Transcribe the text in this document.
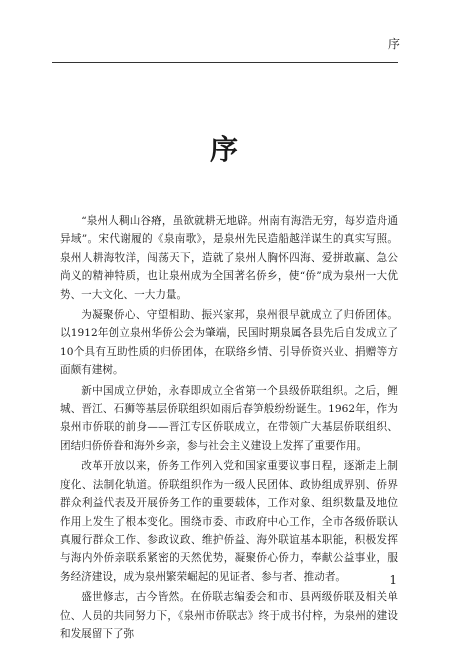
序
序

“泉州人稠山谷瘠，虽欲就耕无地辟。州南有海浩无穷，每岁造舟通异域”。宋代谢履的《泉南歌》，是泉州先民造船越洋谋生的真实写照。泉州人耕海牧洋，闯荡天下，造就了泉州人胸怀四海、爱拼敢赢、急公尚义的精神特质，也让泉州成为全国著名侨乡，使“侨”成为泉州一大优势、一大文化、一大力量。

为凝聚侨心、守望相助、振兴家邦，泉州很早就成立了归侨团体。以1912年创立泉州华侨公会为肇端，民国时期泉属各县先后自发成立了10个具有互助性质的归侨团体，在联络乡情、引导侨资兴业、捐赠等方面颇有建树。

新中国成立伊始，永春即成立全省第一个县级侨联组织。之后，鲤城、晋江、石狮等基层侨联组织如雨后春笋般纷纷诞生。1962年，作为泉州市侨联的前身——晋江专区侨联成立，在带领广大基层侨联组织、团结归侨侨眷和海外乡亲，参与社会主义建设上发挥了重要作用。

改革开放以来，侨务工作列入党和国家重要议事日程，逐渐走上制度化、法制化轨道。侨联组织作为一级人民团体、政协组成界别、侨界群众利益代表及开展侨务工作的重要载体，工作对象、组织数量及地位作用上发生了根本变化。围绕市委、市政府中心工作，全市各级侨联认真履行群众工作、参政议政、维护侨益、海外联谊基本职能，积极发挥与海内外侨亲联系紧密的天然优势，凝聚侨心侨力，奉献公益事业，服务经济建设，成为泉州繁荣崛起的见证者、参与者、推动者。

盛世修志，古今皆然。在侨联志编委会和市、县两级侨联及相关单位、人员的共同努力下，《泉州市侨联志》终于成书付梓，为泉州的建设和发展留下了弥

1
